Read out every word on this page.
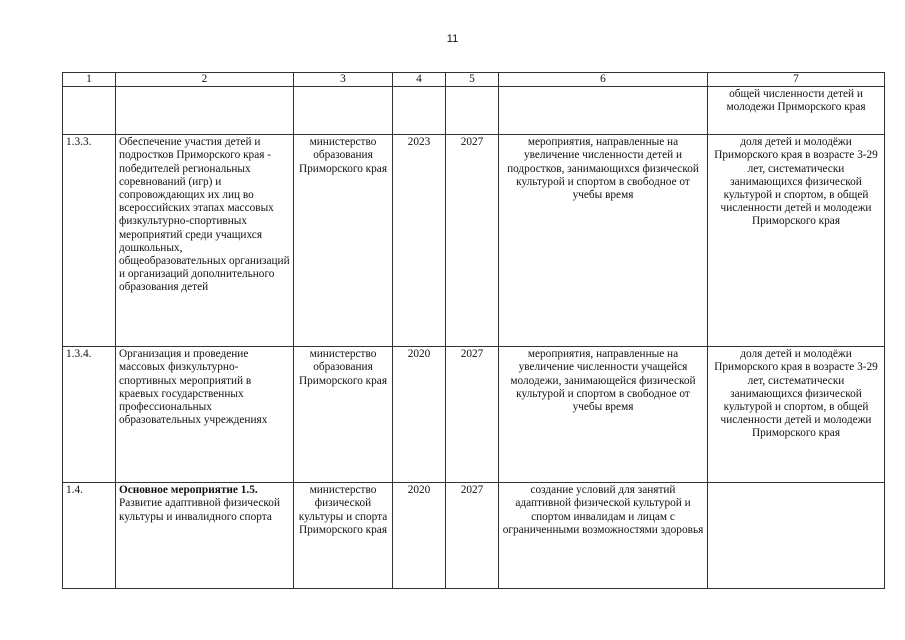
11
1	2	3	4	5	6	7
						общей численности детей и молодежи Приморского края
1.3.3.	Обеспечение участия детей и подростков Приморского края - победителей региональных соревнований (игр) и сопровождающих их лиц во всероссийских этапах массовых физкультурно-спортивных мероприятий среди учащихся дошкольных, общеобразовательных организаций и организаций дополнительного образования детей	министерство образования Приморского края	2023	2027	мероприятия, направленные на увеличение численности детей и подростков, занимающихся физической культурой и спортом в свободное от учебы время	доля детей и молодёжи Приморского края в возрасте 3-29 лет, систематически занимающихся физической культурой и спортом, в общей численности детей и молодежи Приморского края
1.3.4.	Организация и проведение массовых физкультурно-спортивных мероприятий в краевых государственных профессиональных образовательных учреждениях	министерство образования Приморского края	2020	2027	мероприятия, направленные на увеличение численности учащейся молодежи, занимающейся физической культурой и спортом в свободное от учебы время	доля детей и молодёжи Приморского края в возрасте 3-29 лет, систематически занимающихся физической культурой и спортом, в общей численности детей и молодежи Приморского края
1.4.	Основное мероприятие 1.5. Развитие адаптивной физической культуры и инвалидного спорта	министерство физической культуры и спорта Приморского края	2020	2027	создание условий для занятий адаптивной физической культурой и спортом инвалидам и лицам с ограниченными возможностями здоровья	
